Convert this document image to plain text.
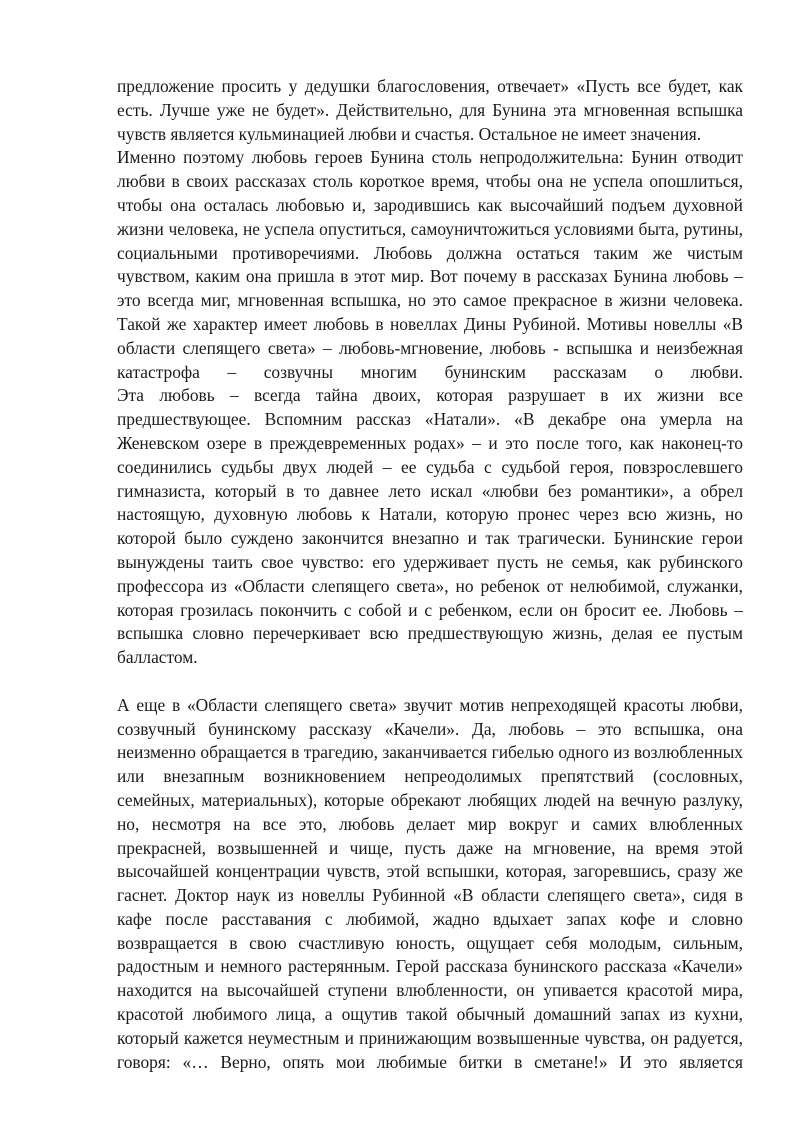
предложение просить у дедушки благословения, отвечает» «Пусть все будет, как есть. Лучше уже не будет». Действительно, для Бунина эта мгновенная вспышка чувств является кульминацией любви и счастья. Остальное не имеет значения.

Именно поэтому любовь героев Бунина столь непродолжительна: Бунин отводит любви в своих рассказах столь короткое время, чтобы она не успела опошлиться, чтобы она осталась любовью и, зародившись как высочайший подъем духовной жизни человека, не успела опуститься, самоуничтожиться условиями быта, рутины, социальными противоречиями. Любовь должна остаться таким же чистым чувством, каким она пришла в этот мир. Вот почему в рассказах Бунина любовь – это всегда миг, мгновенная вспышка, но это самое прекрасное в жизни человека. Такой же характер имеет любовь в новеллах Дины Рубиной. Мотивы новеллы «В области слепящего света» – любовь-мгновение, любовь - вспышка и неизбежная катастрофа – созвучны многим бунинским рассказам о любви.

Эта любовь – всегда тайна двоих, которая разрушает в их жизни все предшествующее. Вспомним рассказ «Натали». «В декабре она умерла на Женевском озере в преждевременных родах» – и это после того, как наконец-то соединились судьбы двух людей – ее судьба с судьбой героя, повзрослевшего гимназиста, который в то давнее лето искал «любви без романтики», а обрел настоящую, духовную любовь к Натали, которую пронес через всю жизнь, но которой было суждено закончится внезапно и так трагически. Бунинские герои вынуждены таить свое чувство: его удерживает пусть не семья, как рубинского профессора из «Области слепящего света», но ребенок от нелюбимой, служанки, которая грозилась покончить с собой и с ребенком, если он бросит ее. Любовь – вспышка словно перечеркивает всю предшествующую жизнь, делая ее пустым балластом.

А еще в «Области слепящего света» звучит мотив непреходящей красоты любви, созвучный бунинскому рассказу «Качели». Да, любовь – это вспышка, она неизменно обращается в трагедию, заканчивается гибелью одного из возлюбленных или внезапным возникновением непреодолимых препятствий (сословных, семейных, материальных), которые обрекают любящих людей на вечную разлуку, но, несмотря на все это, любовь делает мир вокруг и самих влюбленных прекрасней, возвышенней и чище, пусть даже на мгновение, на время этой высочайшей концентрации чувств, этой вспышки, которая, загоревшись, сразу же гаснет. Доктор наук из новеллы Рубинной «В области слепящего света», сидя в кафе после расставания с любимой, жадно вдыхает запах кофе и словно возвращается в свою счастливую юность, ощущает себя молодым, сильным, радостным и немного растерянным. Герой рассказа бунинского рассказа «Качели» находится на высочайшей ступени влюбленности, он упивается красотой мира, красотой любимого лица, а ощутив такой обычный домашний запах из кухни, который кажется неуместным и принижающим возвышенные чувства, он радуется, говоря: «… Верно, опять мои любимые битки в сметане!» И это является
